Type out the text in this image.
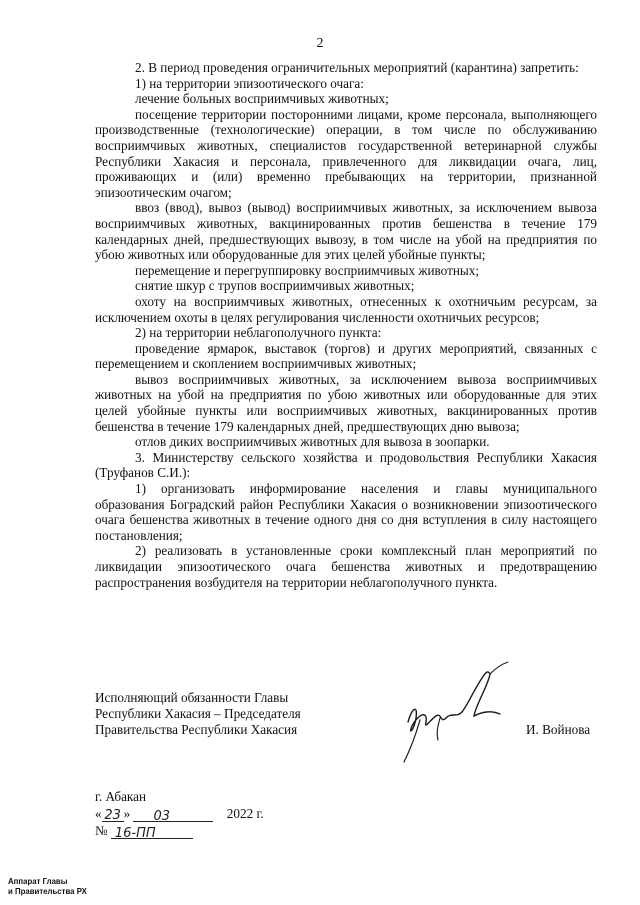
2

2. В период проведения ограничительных мероприятий (карантина) запретить:

1) на территории эпизоотического очага:

лечение больных восприимчивых животных;

посещение территории посторонними лицами, кроме персонала, выполняющего производственные (технологические) операции, в том числе по обслуживанию восприимчивых животных, специалистов государственной ветеринарной службы Республики Хакасия и персонала, привлеченного для ликвидации очага, лиц, проживающих и (или) временно пребывающих на территории, признанной эпизоотическим очагом;

ввоз (ввод), вывоз (вывод) восприимчивых животных, за исключением вывоза восприимчивых животных, вакцинированных против бешенства в течение 179 календарных дней, предшествующих вывозу, в том числе на убой на предприятия по убою животных или оборудованные для этих целей убойные пункты;

перемещение и перегруппировку восприимчивых животных;

снятие шкур с трупов восприимчивых животных;

охоту на восприимчивых животных, отнесенных к охотничьим ресурсам, за исключением охоты в целях регулирования численности охотничьих ресурсов;

2) на территории неблагополучного пункта:

проведение ярмарок, выставок (торгов) и других мероприятий, связанных с перемещением и скоплением восприимчивых животных;

вывоз восприимчивых животных, за исключением вывоза восприимчивых животных на убой на предприятия по убою животных или оборудованные для этих целей убойные пункты или восприимчивых животных, вакцинированных против бешенства в течение 179 календарных дней, предшествующих дню вывоза;

отлов диких восприимчивых животных для вывоза в зоопарки.

3. Министерству сельского хозяйства и продовольствия Республики Хакасия (Труфанов С.И.):

1) организовать информирование населения и главы муниципального образования Боградский район Республики Хакасия о возникновении эпизоотического очага бешенства животных в течение одного дня со дня вступления в силу настоящего постановления;

2) реализовать в установленные сроки комплексный план мероприятий по ликвидации эпизоотического очага бешенства животных и предотвращению распространения возбудителя на территории неблагополучного пункта.

Исполняющий обязанности Главы
Республики Хакасия – Председателя
Правительства Республики Хакасия	И. Войнова
г. Абакан
« 23 » 03	2022 г.
№ 16-ПП
Аппарат Главы
и Правительства РХ
